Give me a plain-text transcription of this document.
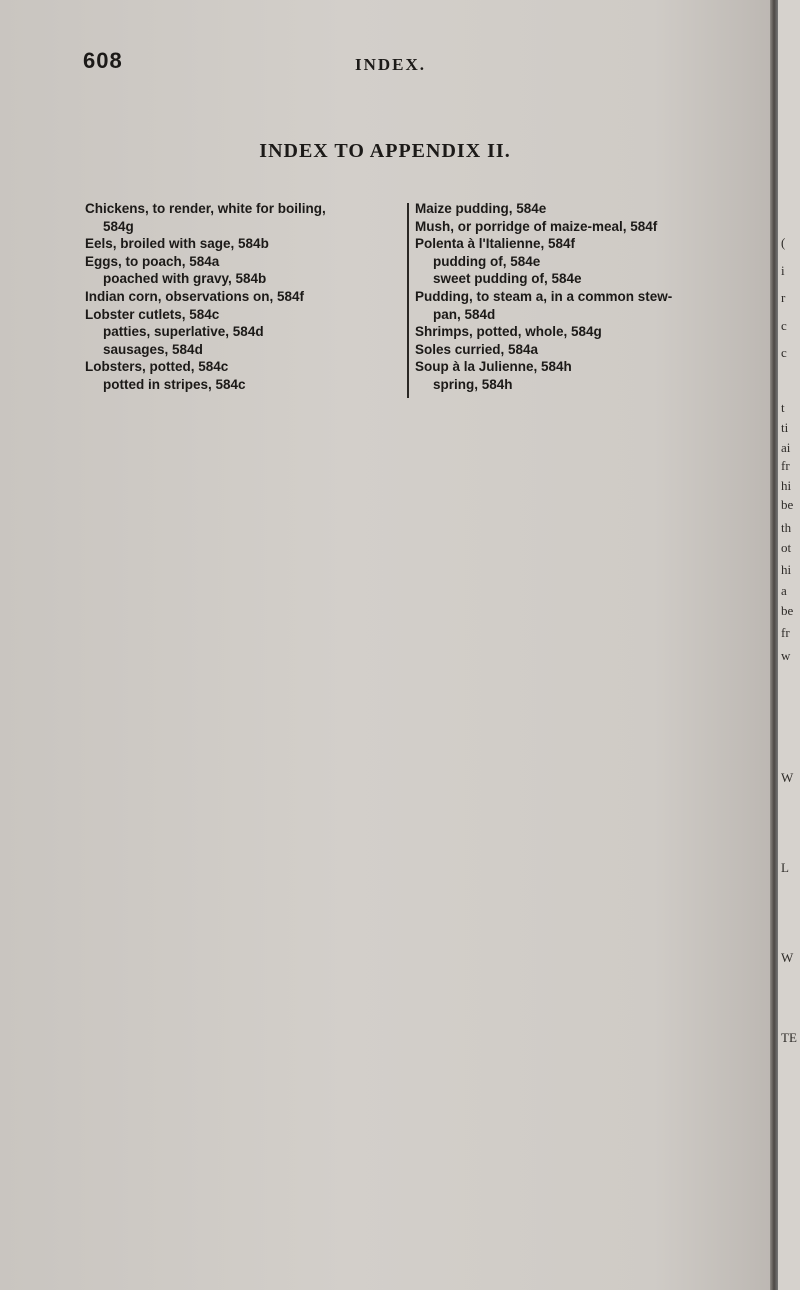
608	INDEX.
INDEX TO APPENDIX II.

Chickens, to render, white for boiling,

584g

Eels, broiled with sage, 584b

Eggs, to poach, 584a

poached with gravy, 584b

Indian corn, observations on, 584f

Lobster cutlets, 584c

patties, superlative, 584d

sausages, 584d

Lobsters, potted, 584c

potted in stripes, 584c

Maize pudding, 584e

Mush, or porridge of maize-meal, 584f

Polenta à l'Italienne, 584f

pudding of, 584e

sweet pudding of, 584e

Pudding, to steam a, in a common stew-

pan, 584d

Shrimps, potted, whole, 584g

Soles curried, 584a

Soup à la Julienne, 584h

spring, 584h

(
i
r
c
c
t
ti
ai
fr
hi
be
th
ot
hi
a
be
fr
w
W
L
W
TE
